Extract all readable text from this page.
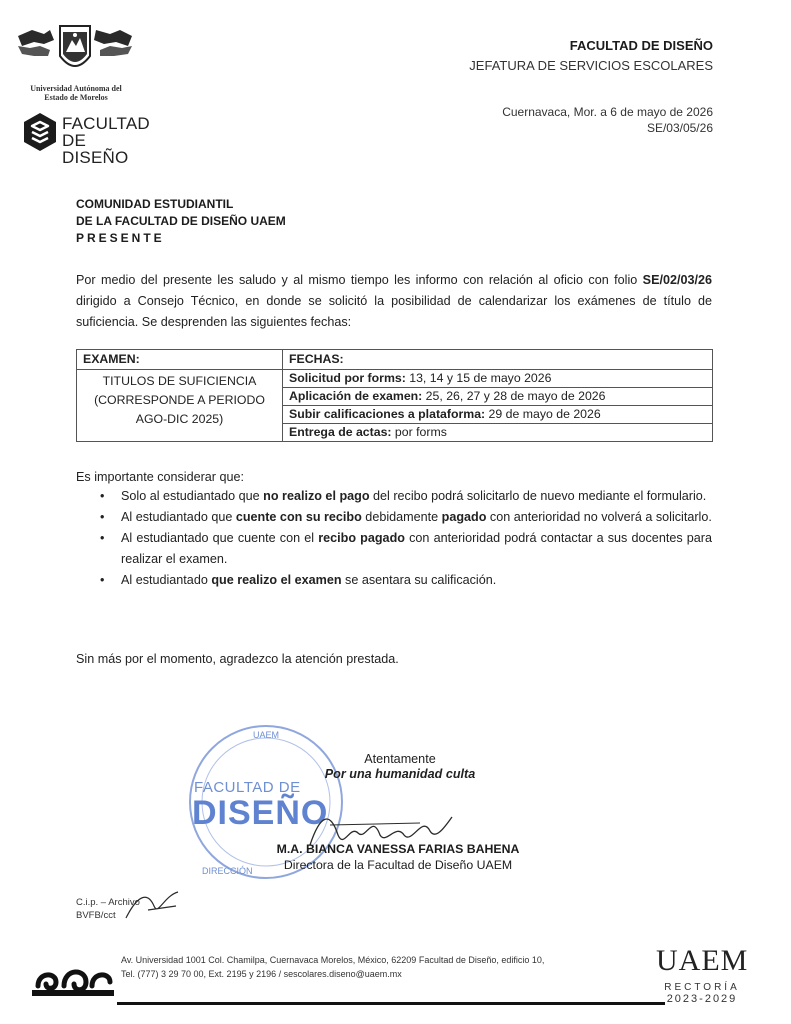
Universidad Autónoma del
Estado de Morelos
FACULTAD
DE DISEÑO
FACULTAD DE DISEÑO
JEFATURA DE SERVICIOS ESCOLARES
Cuernavaca, Mor. a 6 de mayo de 2026
SE/03/05/26
COMUNIDAD ESTUDIANTIL
DE LA FACULTAD DE DISEÑO UAEM
PRESENTE
Por medio del presente les saludo y al mismo tiempo les informo con relación al oficio con folio SE/02/03/26 dirigido a Consejo Técnico, en donde se solicitó la posibilidad de calendarizar los exámenes de título de suficiencia. Se desprenden las siguientes fechas:
EXAMEN:	FECHAS:

TITULOS DE SUFICIENCIA
(CORRESPONDE A PERIODO
AGO-DIC 2025)	Solicitud por forms: 13, 14 y 15 de mayo 2026
	Aplicación de examen: 25, 26, 27 y 28 de mayo de 2026
	Subir calificaciones a plataforma: 29 de mayo de 2026
	Entrega de actas: por forms
Es importante considerar que:
• Solo al estudiantado que no realizo el pago del recibo podrá solicitarlo de nuevo mediante el formulario.
• Al estudiantado que cuente con su recibo debidamente pagado con anterioridad no volverá a solicitarlo.
• Al estudiantado que cuente con el recibo pagado con anterioridad podrá contactar a sus docentes para realizar el examen.
• Al estudiantado que realizo el examen se asentara su calificación.
Sin más por el momento, agradezco la atención prestada.
UAEM
FACULTAD DE
DISEÑO
DIRECCIÓN
Atentamente
Por una humanidad culta
M.A. BIANCA VANESSA FARIAS BAHENA
Directora de la Facultad de Diseño UAEM
C.i.p. – Archivo
BVFB/cct
Av. Universidad 1001 Col. Chamilpa, Cuernavaca Morelos, México, 62209 Facultad de Diseño, edificio 10,
Tel. (777) 3 29 70 00, Ext. 2195 y 2196 / sescolares.diseno@uaem.mx	UAEM
RECTORÍA
2023-2029
